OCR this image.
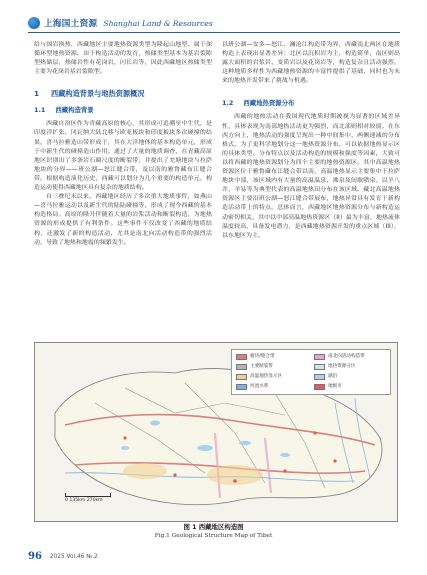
上海国土资源 Shanghai Land & Resources

给与围岩换热，西藏地区主要地热资源类型为隆起山地型、属于深循环型地热资源。由于构造活动的发育，热储类型基本为基岩裂隙型热储层，热储岩性有花岗岩，闪长岩等，因此西藏地区热储类型主要为花岗岩基岩裂隙型。

1 西藏构造背景与地热资源概况
1.1 西藏构造背景

西藏自治区作为青藏高原的核心，其形成可追溯至中生代，是印度洋扩张、冈瓦纳大陆北移与欧亚板块和印度板块多次碰撞的结果。喜马拉雅造山带形成于，其在大洋地体的基本构造单元，形成于中新生代的碰撞造山作用。通过了大量的地质调查，在青藏高原地区识别出了多条岩石圈尺度的断裂带，并提出了羌塘地块与拉萨地块的分界——班公湖—怒江缝合带，及以南的雅鲁藏布江缝合带。根据构造演化历史，西藏可以划分为几个重要的构造单元，构造运动使得西藏地区具有复杂的地质结构。

自三叠纪末以来，西藏地区经历了多次重大地质事件，如燕山—喜马拉雅运动以及新生代的陆陆碰撞等，形成了现今西藏的基本构造格局。高原的隆升伴随着大量的岩浆活动和断裂构造，为地热资源的形成提供了有利条件。这些事件不仅改变了西藏的地质结构，还激发了新的构造活动，尤其是南北向活动构造带的强烈活动，导致了地热和地震的频繁发生。

以班公湖—安多—怒江、澜沧江构造带为界，西藏南北两区在地质构造上表现出显著差异：北区以沉积岩为主，构造简单，南区则出露大面积的岩浆岩、变质岩以及花岗岩等，构造复杂且活动强烈。这种地质多样性为西藏地热资源的丰富性提供了基础，同时也为未来的地热开发带来了挑战与机遇。

1.2 西藏地热资源分布

西藏的地热活动在我国现代地质时期被视为显著的区域差异性，具体表现为南部地热活动更为强烈，而北部则相对较弱。在东西方向上，地热活动的强度呈现出一种中间集中、两侧递减的分布格式。为了更科学地划分这一地热资源分布，可以依据地热显示区的具体类型、分布特点以及活动构造的规模和强度等因素，大致可以将西藏的地热资源划分为四个主要的地热资源区，其中高温地热资源区位于雅鲁藏布江缝合带以南，高温地热显示主要集中于拉萨地块中部，该区域内有大量的高温温泉、沸泉及间歇喷泉。以羊八井、羊易等为典型代表的高温地热田分布在该区域。藏北高温地热资源区主要沿班公湖—怒江缝合带展布，地热异常具有发育于新构造活动带上的特点。总体而言，西藏地区地热资源分布与新构造运动密切相关，其中以中部高温地热资源区（II）最为丰富，地热流体温度较高，具备发电潜力，是西藏地热资源开发的重点区域（III），以东地区为主。

板块/缝合带	南北向活动构造带
主要断裂带	地热资源分区
高温地热显示区	湖泊
河流水系	地级市
0 135km 270km
图 1 西藏地区构造图
Fig.1 Geological Structure Map of Tibet
96 2025 Vol.46 №.2
